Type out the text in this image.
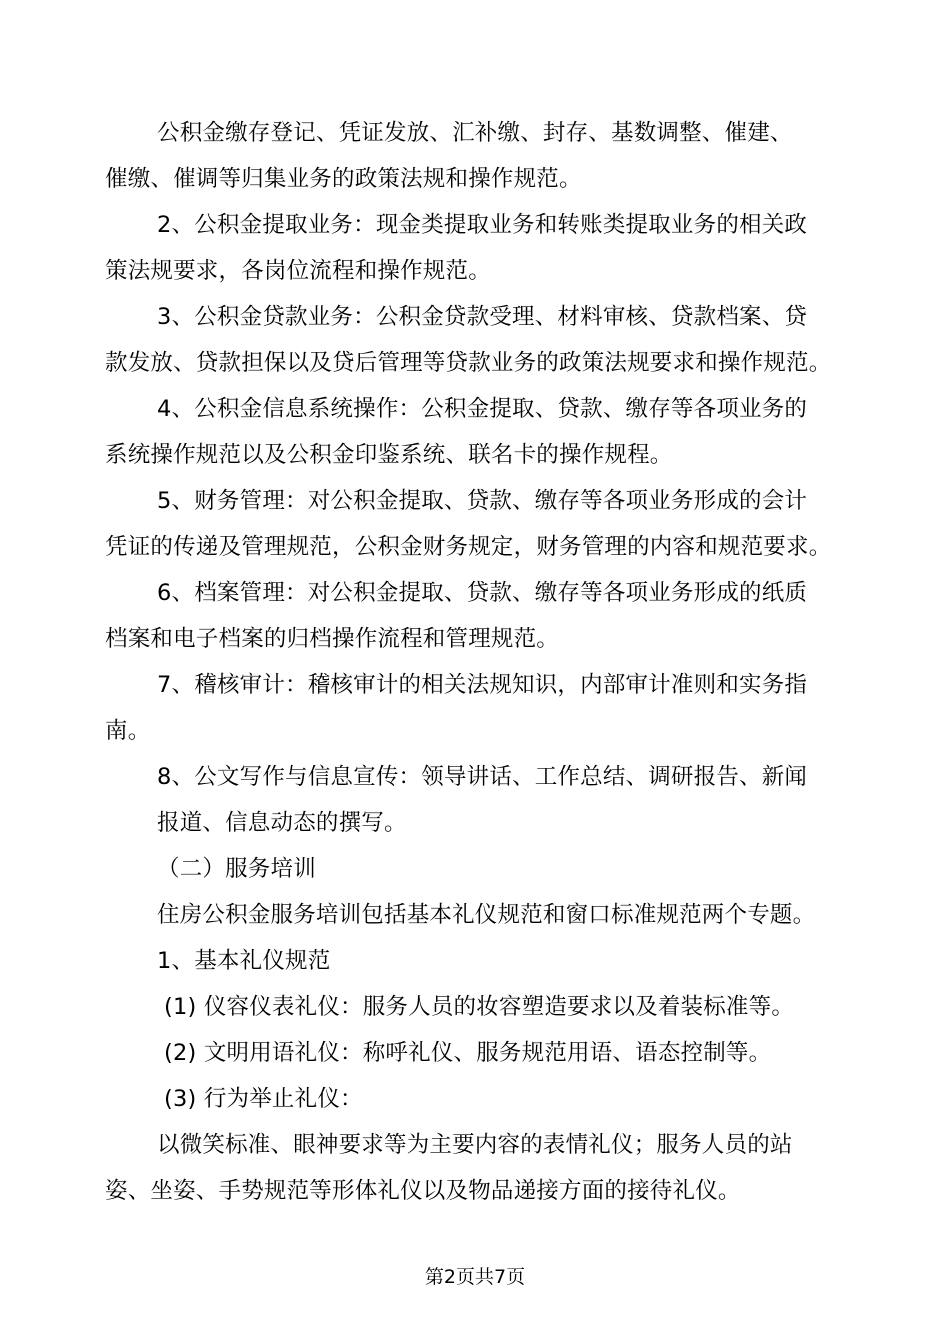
公积金缴存登记、凭证发放、汇补缴、封存、基数调整、催建、
催缴、催调等归集业务的政策法规和操作规范。
2、公积金提取业务：现金类提取业务和转账类提取业务的相关政
策法规要求，各岗位流程和操作规范。
3、公积金贷款业务：公积金贷款受理、材料审核、贷款档案、贷
款发放、贷款担保以及贷后管理等贷款业务的政策法规要求和操作规范。
4、公积金信息系统操作：公积金提取、贷款、缴存等各项业务的
系统操作规范以及公积金印鉴系统、联名卡的操作规程。
5、财务管理：对公积金提取、贷款、缴存等各项业务形成的会计
凭证的传递及管理规范，公积金财务规定，财务管理的内容和规范要求。
6、档案管理：对公积金提取、贷款、缴存等各项业务形成的纸质
档案和电子档案的归档操作流程和管理规范。
7、稽核审计：稽核审计的相关法规知识，内部审计准则和实务指
南。
8、公文写作与信息宣传：领导讲话、工作总结、调研报告、新闻
报道、信息动态的撰写。
（二）服务培训
住房公积金服务培训包括基本礼仪规范和窗口标准规范两个专题。
1、基本礼仪规范
(1) 仪容仪表礼仪：服务人员的妆容塑造要求以及着装标准等。
(2) 文明用语礼仪：称呼礼仪、服务规范用语、语态控制等。
(3) 行为举止礼仪：
以微笑标准、眼神要求等为主要内容的表情礼仪；服务人员的站
姿、坐姿、手势规范等形体礼仪以及物品递接方面的接待礼仪。
第2页共7页
